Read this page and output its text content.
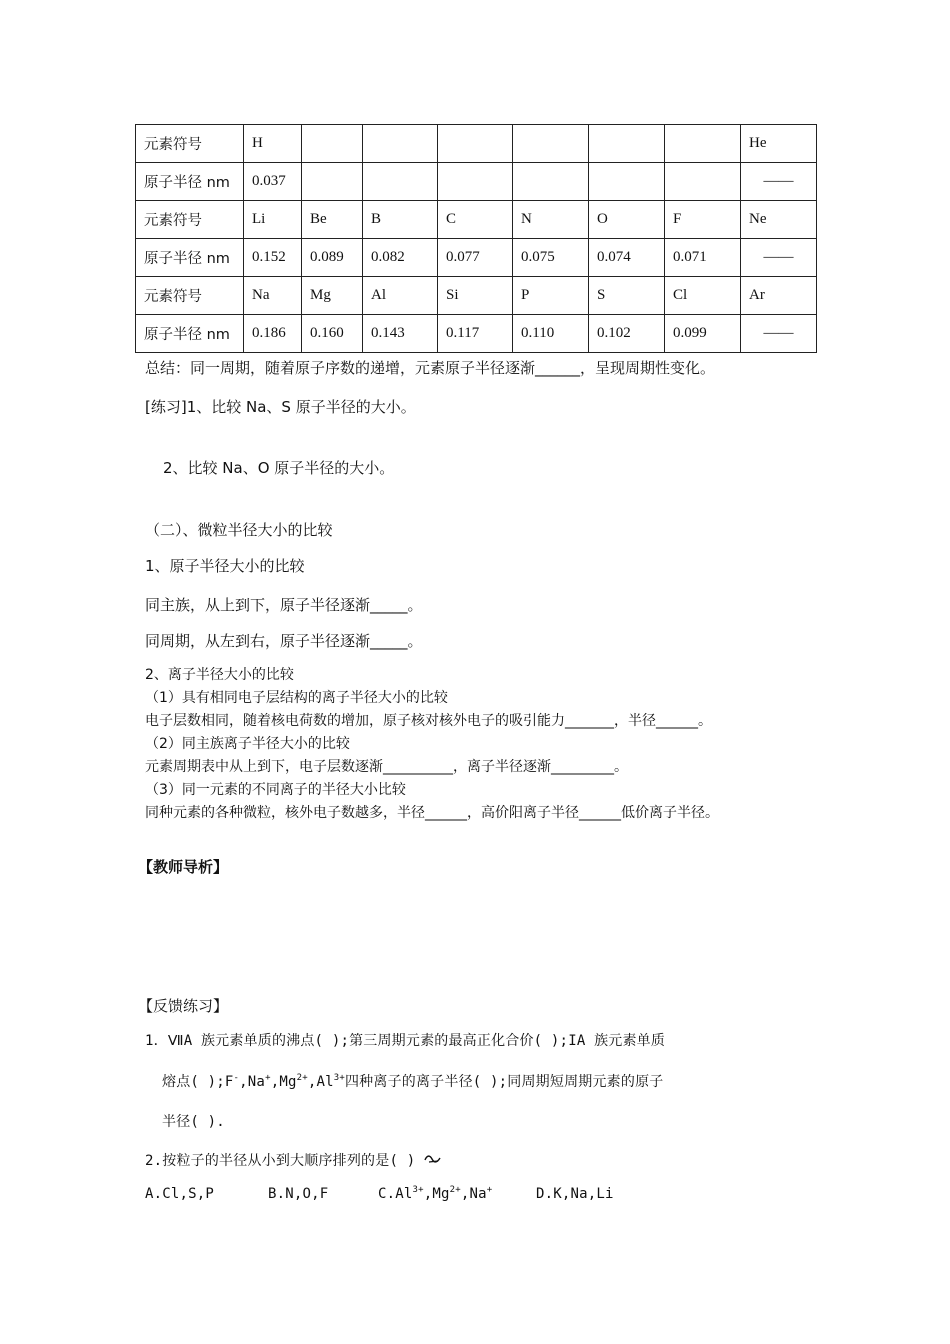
元素符号	H							He
原子半径 nm	0.037							——
元素符号	Li	Be	B	C	N	O	F	Ne
原子半径 nm	0.152	0.089	0.082	0.077	0.075	0.074	0.071	——
元素符号	Na	Mg	Al	Si	P	S	Cl	Ar
原子半径 nm	0.186	0.160	0.143	0.117	0.110	0.102	0.099	——
总结：同一周期，随着原子序数的递增，元素原子半径逐渐______，呈现周期性变化。
[练习]1、比较 Na、S 原子半径的大小。
2、比较 Na、O 原子半径的大小。
（二）、微粒半径大小的比较
1、原子半径大小的比较
同主族，从上到下，原子半径逐渐_____。
同周期，从左到右，原子半径逐渐_____。
2、离子半径大小的比较
（1）具有相同电子层结构的离子半径大小的比较
电子层数相同，随着核电荷数的增加，原子核对核外电子的吸引能力_______，半径______。
（2）同主族离子半径大小的比较
元素周期表中从上到下，电子层数逐渐__________，离子半径逐渐_________。
（3）同一元素的不同离子的半径大小比较
同种元素的各种微粒，核外电子数越多，半径______，高价阳离子半径______低价离子半径。
【教师导析】
【反馈练习】
1．ⅦA 族元素单质的沸点( );第三周期元素的最高正化合价( );IA 族元素单质
熔点( )$;F^-,Na^+,Mg^{2+},Al^{3+}$四种离子的离子半径( );同周期短周期元素的原子
半径( ).
2.按粒子的半径从小到大顺序排列的是( )
A.Cl,S,P	B.N,O,F	$C.Al^{3+},Mg^{2+},Na^+$	D.K,Na,Li
